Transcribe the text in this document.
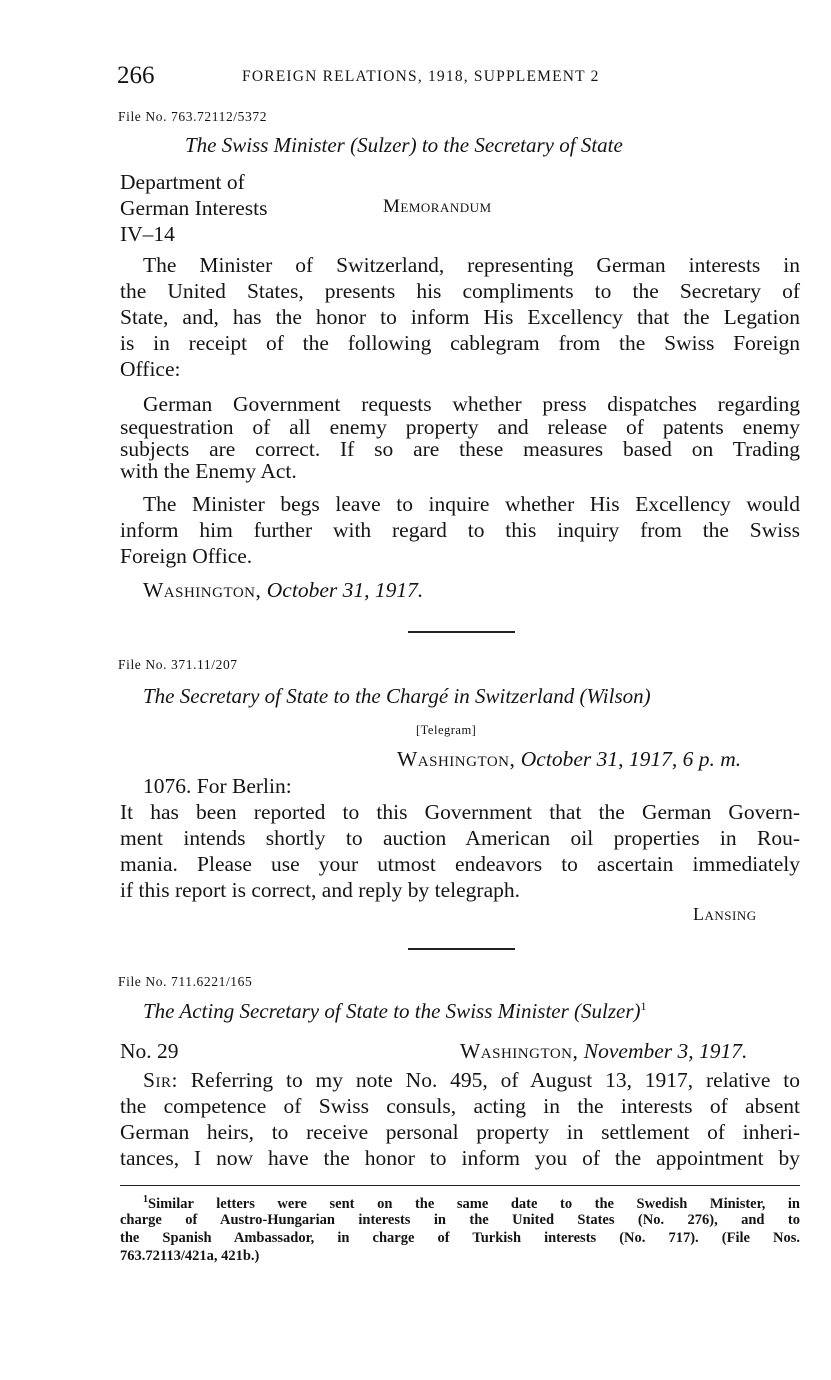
266	FOREIGN RELATIONS, 1918, SUPPLEMENT 2
File No. 763.72112/5372
The Swiss Minister (Sulzer) to the Secretary of State
Department of
German Interests
IV–14
Memorandum
The Minister of Switzerland, representing German interests in
the United States, presents his compliments to the Secretary of
State, and, has the honor to inform His Excellency that the Legation
is in receipt of the following cablegram from the Swiss Foreign
Office:
German Government requests whether press dispatches regarding
sequestration of all enemy property and release of patents enemy
subjects are correct. If so are these measures based on Trading
with the Enemy Act.
The Minister begs leave to inquire whether His Excellency would
inform him further with regard to this inquiry from the Swiss
Foreign Office.
Washington, October 31, 1917.
File No. 371.11/207
The Secretary of State to the Chargé in Switzerland (Wilson)
[Telegram]
Washington, October 31, 1917, 6 p. m.
1076. For Berlin:
It has been reported to this Government that the German Govern-
ment intends shortly to auction American oil properties in Rou-
mania. Please use your utmost endeavors to ascertain immediately
if this report is correct, and reply by telegraph.
Lansing
File No. 711.6221/165
The Acting Secretary of State to the Swiss Minister (Sulzer)$^1$
No. 29	Washington, November 3, 1917.
Sir: Referring to my note No. 495, of August 13, 1917, relative to
the competence of Swiss consuls, acting in the interests of absent
German heirs, to receive personal property in settlement of inheri-
tances, I now have the honor to inform you of the appointment by
$^1$Similar letters were sent on the same date to the Swedish Minister, in
charge of Austro-Hungarian interests in the United States (No. 276), and to
the Spanish Ambassador, in charge of Turkish interests (No. 717). (File Nos.
763.72113/421a, 421b.)
